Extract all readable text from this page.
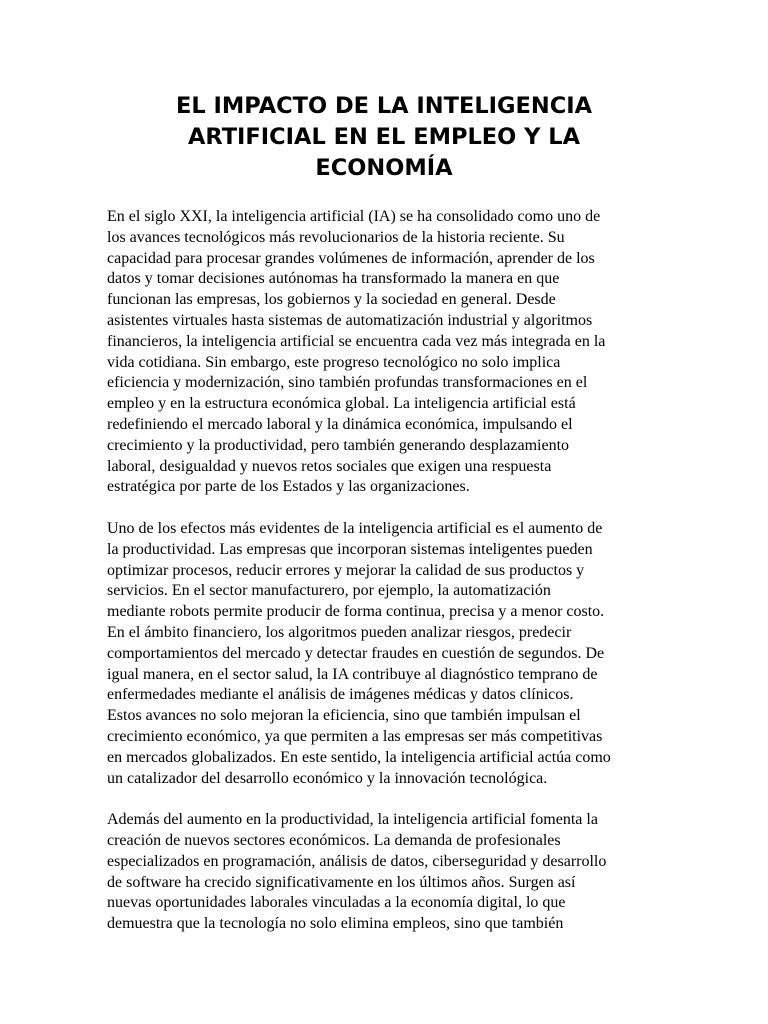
EL IMPACTO DE LA INTELIGENCIA
ARTIFICIAL EN EL EMPLEO Y LA
ECONOMÍA

En el siglo XXI, la inteligencia artificial (IA) se ha consolidado como uno de
los avances tecnológicos más revolucionarios de la historia reciente. Su
capacidad para procesar grandes volúmenes de información, aprender de los
datos y tomar decisiones autónomas ha transformado la manera en que
funcionan las empresas, los gobiernos y la sociedad en general. Desde
asistentes virtuales hasta sistemas de automatización industrial y algoritmos
financieros, la inteligencia artificial se encuentra cada vez más integrada en la
vida cotidiana. Sin embargo, este progreso tecnológico no solo implica
eficiencia y modernización, sino también profundas transformaciones en el
empleo y en la estructura económica global. La inteligencia artificial está
redefiniendo el mercado laboral y la dinámica económica, impulsando el
crecimiento y la productividad, pero también generando desplazamiento
laboral, desigualdad y nuevos retos sociales que exigen una respuesta
estratégica por parte de los Estados y las organizaciones.

Uno de los efectos más evidentes de la inteligencia artificial es el aumento de
la productividad. Las empresas que incorporan sistemas inteligentes pueden
optimizar procesos, reducir errores y mejorar la calidad de sus productos y
servicios. En el sector manufacturero, por ejemplo, la automatización
mediante robots permite producir de forma continua, precisa y a menor costo.
En el ámbito financiero, los algoritmos pueden analizar riesgos, predecir
comportamientos del mercado y detectar fraudes en cuestión de segundos. De
igual manera, en el sector salud, la IA contribuye al diagnóstico temprano de
enfermedades mediante el análisis de imágenes médicas y datos clínicos.
Estos avances no solo mejoran la eficiencia, sino que también impulsan el
crecimiento económico, ya que permiten a las empresas ser más competitivas
en mercados globalizados. En este sentido, la inteligencia artificial actúa como
un catalizador del desarrollo económico y la innovación tecnológica.

Además del aumento en la productividad, la inteligencia artificial fomenta la
creación de nuevos sectores económicos. La demanda de profesionales
especializados en programación, análisis de datos, ciberseguridad y desarrollo
de software ha crecido significativamente en los últimos años. Surgen así
nuevas oportunidades laborales vinculadas a la economía digital, lo que
demuestra que la tecnología no solo elimina empleos, sino que también
